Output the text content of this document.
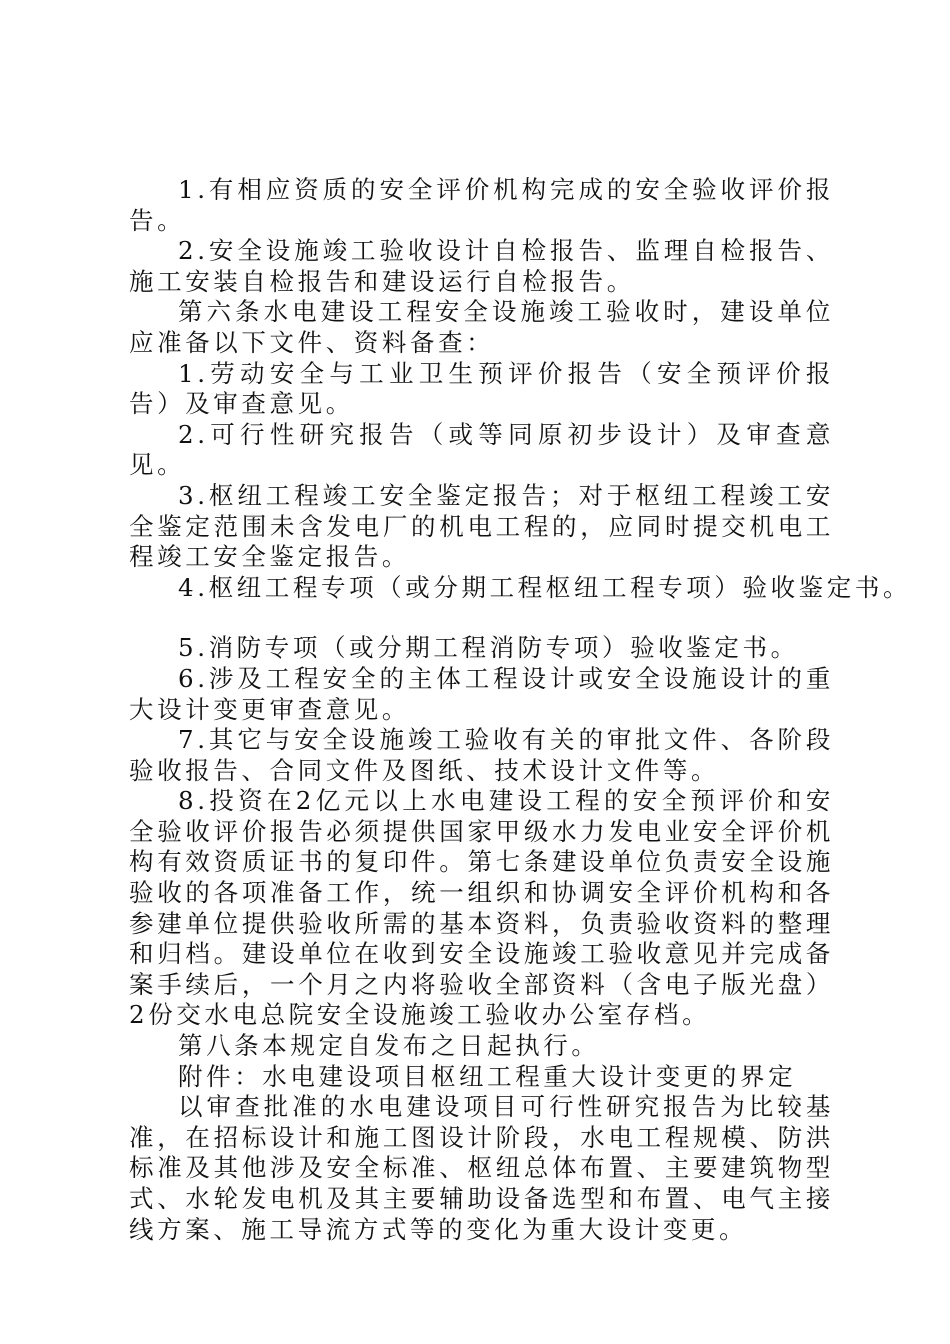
1.有相应资质的安全评价机构完成的安全验收评价报告。

2.安全设施竣工验收设计自检报告、监理自检报告、施工安装自检报告和建设运行自检报告。

第六条水电建设工程安全设施竣工验收时，建设单位应准备以下文件、资料备查：

1.劳动安全与工业卫生预评价报告（安全预评价报告）及审查意见。

2.可行性研究报告（或等同原初步设计）及审查意见。

3.枢纽工程竣工安全鉴定报告；对于枢纽工程竣工安全鉴定范围未含发电厂的机电工程的，应同时提交机电工程竣工安全鉴定报告。

4.枢纽工程专项（或分期工程枢纽工程专项）验收鉴定书。

5.消防专项（或分期工程消防专项）验收鉴定书。

6.涉及工程安全的主体工程设计或安全设施设计的重大设计变更审查意见。

7.其它与安全设施竣工验收有关的审批文件、各阶段验收报告、合同文件及图纸、技术设计文件等。

8.投资在2亿元以上水电建设工程的安全预评价和安全验收评价报告必须提供国家甲级水力发电业安全评价机构有效资质证书的复印件。第七条建设单位负责安全设施验收的各项准备工作，统一组织和协调安全评价机构和各参建单位提供验收所需的基本资料，负责验收资料的整理和归档。建设单位在收到安全设施竣工验收意见并完成备案手续后，一个月之内将验收全部资料（含电子版光盘）2份交水电总院安全设施竣工验收办公室存档。

第八条本规定自发布之日起执行。

附件：水电建设项目枢纽工程重大设计变更的界定

以审查批准的水电建设项目可行性研究报告为比较基准，在招标设计和施工图设计阶段，水电工程规模、防洪标准及其他涉及安全标准、枢纽总体布置、主要建筑物型式、水轮发电机及其主要辅助设备选型和布置、电气主接线方案、施工导流方式等的变化为重大设计变更。
